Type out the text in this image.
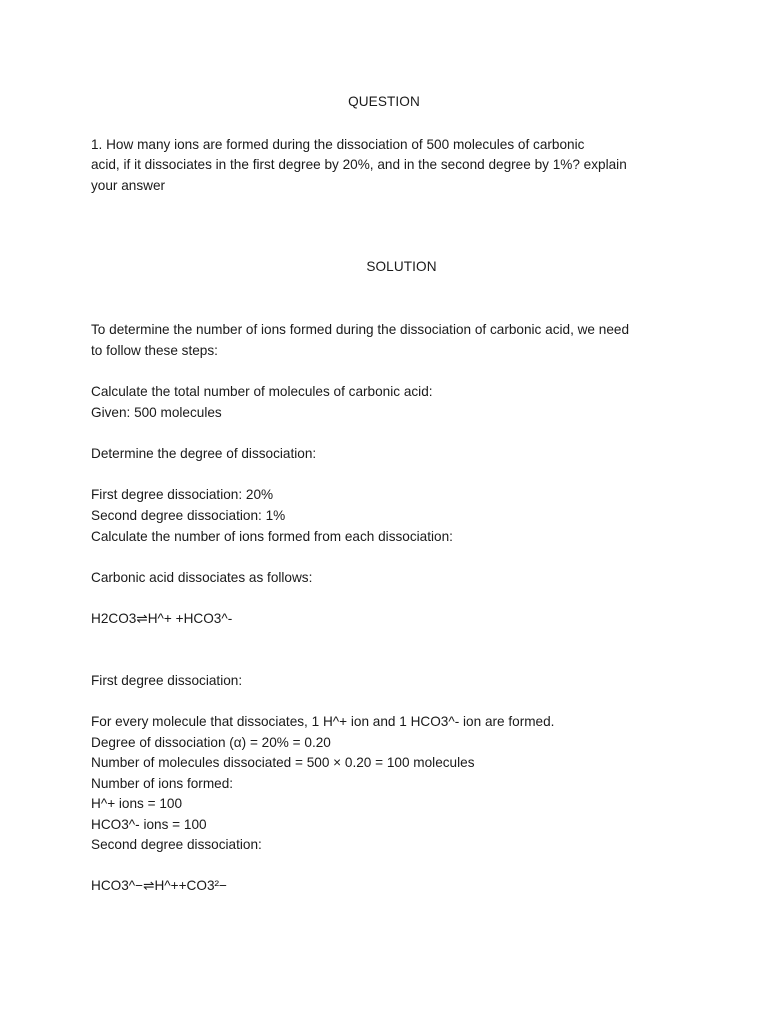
QUESTION
1. How many ions are formed during the dissociation of 500 molecules of carbonic
acid, if it dissociates in the first degree by 20%, and in the second degree by 1%? explain
your answer
SOLUTION
To determine the number of ions formed during the dissociation of carbonic acid, we need
to follow these steps:
Calculate the total number of molecules of carbonic acid:
Given: 500 molecules
Determine the degree of dissociation:
First degree dissociation: 20%
Second degree dissociation: 1%
Calculate the number of ions formed from each dissociation:
Carbonic acid dissociates as follows:
H2CO3⇌H^+ +HCO3^-
First degree dissociation:
For every molecule that dissociates, 1 H^+ ion and 1 HCO3^- ion are formed.
Degree of dissociation (α) = 20% = 0.20
Number of molecules dissociated = 500 × 0.20 = 100 molecules
Number of ions formed:
H^+ ions = 100
HCO3^- ions = 100
Second degree dissociation:
HCO3^−⇌H^++CO3²−
